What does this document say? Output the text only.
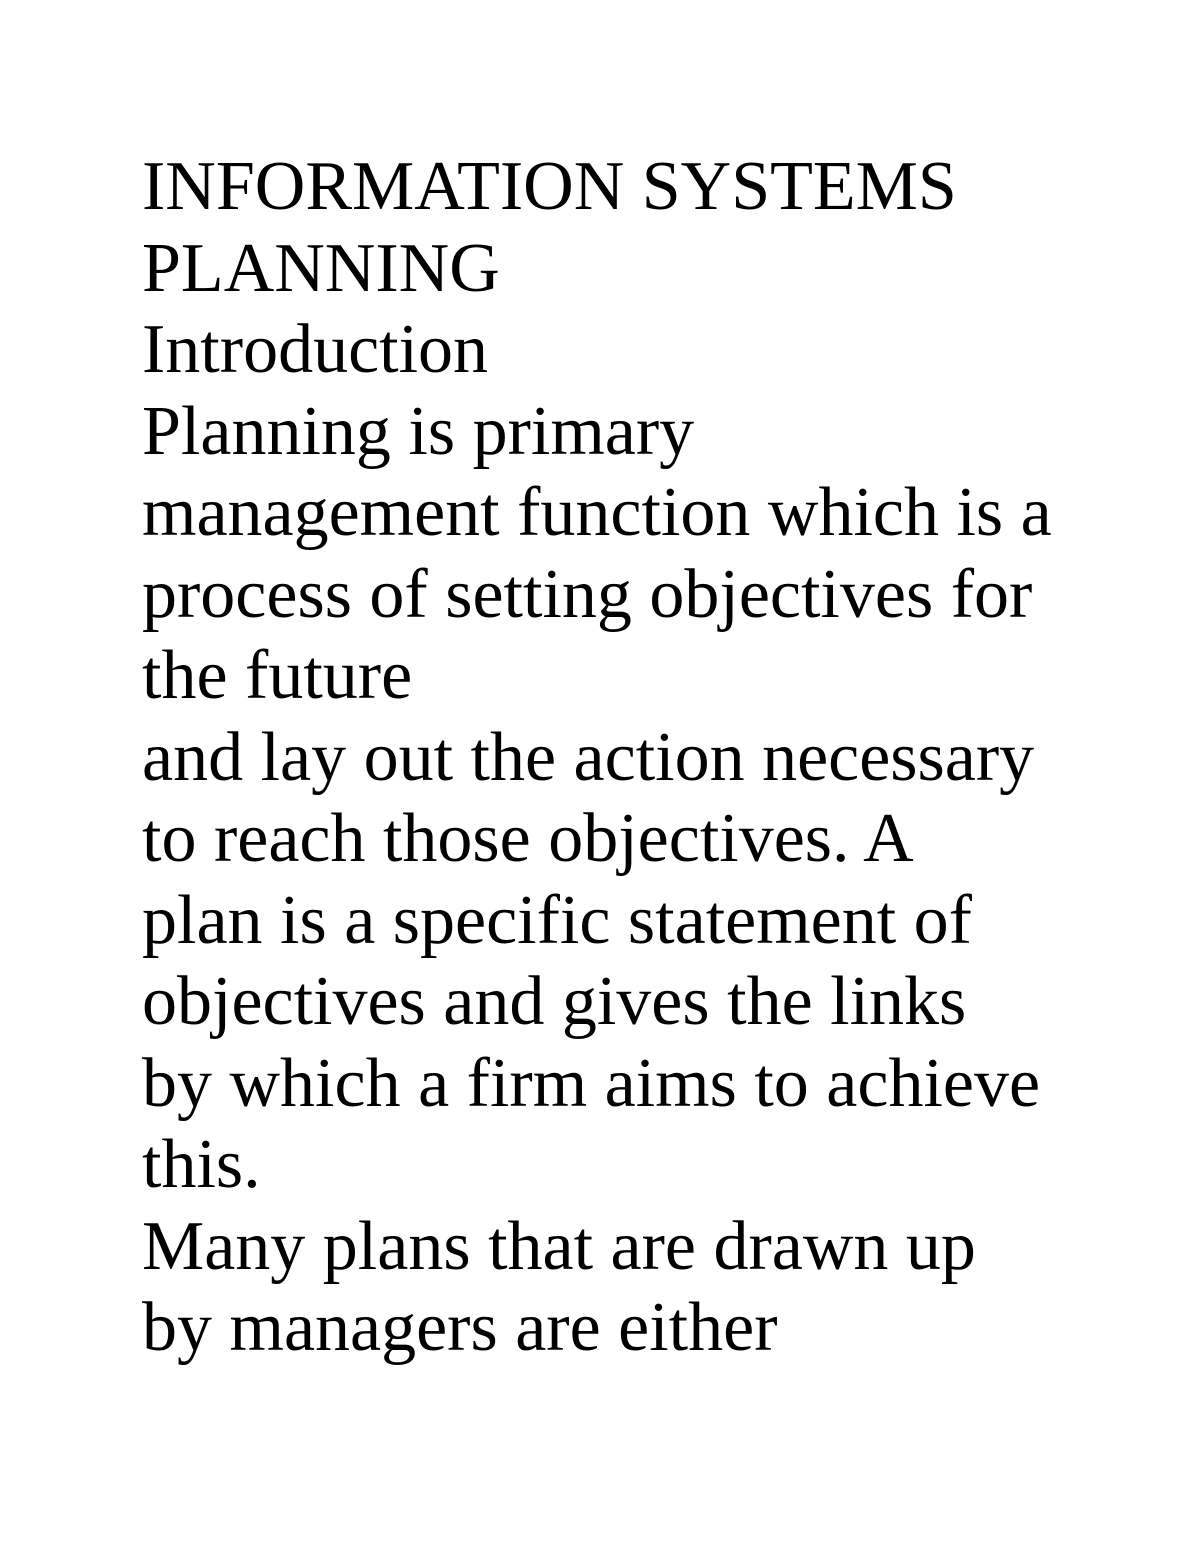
INFORMATION SYSTEMS
PLANNING
Introduction
Planning is primary
management function which is a
process of setting objectives for
the future
and lay out the action necessary
to reach those objectives. A
plan is a specific statement of
objectives and gives the links
by which a firm aims to achieve
this.
Many plans that are drawn up
by managers are either
